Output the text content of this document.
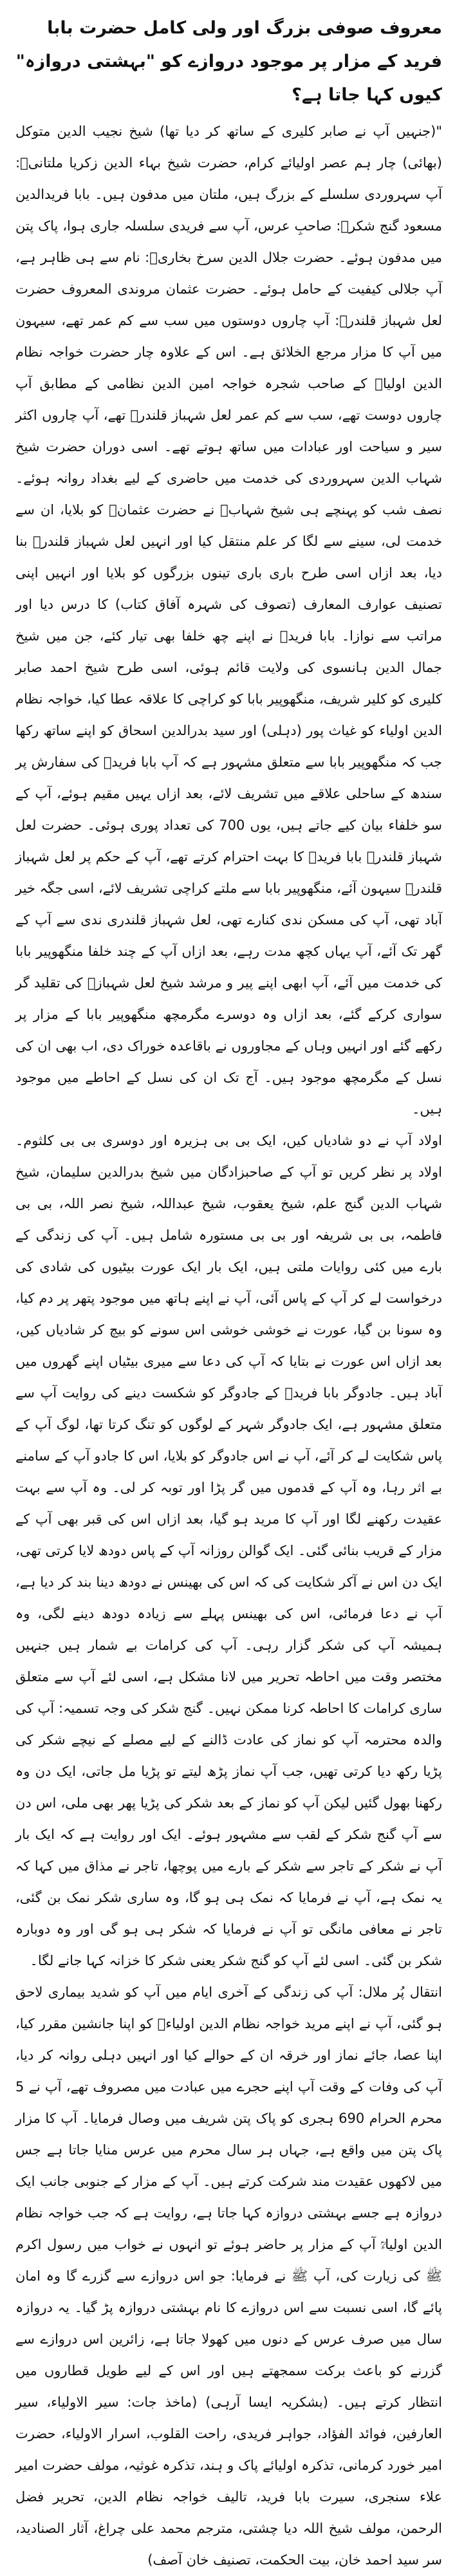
معروف صوفی بزرگ اور ولی کامل حضرت بابا فرید کے مزار پر موجود دروازے کو "بہشتی دروازہ" کیوں کہا جاتا ہے؟

"(جنہیں آپ نے صابر کلیری کے ساتھ کر دیا تھا) شیخ نجیب الدین متوکل (بھائی) چار ہم عصر اولیائے کرام، حضرت شیخ بہاء الدین زکریا ملتانیؒ: آپ سہروردی سلسلے کے بزرگ ہیں، ملتان میں مدفون ہیں۔ بابا فریدالدین مسعود گنج شکرؒ: صاحبِ عرس، آپ سے فریدی سلسلہ جاری ہوا، پاک پتن میں مدفون ہوئے۔ حضرت جلال الدین سرخ بخاریؒ: نام سے ہی ظاہر ہے، آپ جلالی کیفیت کے حامل ہوئے۔ حضرت عثمان مروندی المعروف حضرت لعل شہباز قلندرؒ: آپ چاروں دوستوں میں سب سے کم عمر تھے، سیہون میں آپ کا مزار مرجع الخلائق ہے۔ اس کے علاوہ چار حضرت خواجہ نظام الدین اولیاؒ کے صاحب شجرہ خواجہ امین الدین نظامی کے مطابق آپ چاروں دوست تھے، سب سے کم عمر لعل شہباز قلندرؒ تھے، آپ چاروں اکثر سیر و سیاحت اور عبادات میں ساتھ ہوتے تھے۔ اسی دوران حضرت شیخ شہاب الدین سہروردی کی خدمت میں حاضری کے لیے بغداد روانہ ہوئے۔ نصف شب کو پہنچے ہی شیخ شہابؒ نے حضرت عثمانؒ کو بلایا، ان سے خدمت لی، سینے سے لگا کر علم منتقل کیا اور انہیں لعل شہباز قلندرؒ بنا دیا، بعد ازاں اسی طرح باری باری تینوں بزرگوں کو بلایا اور انہیں اپنی تصنیف عوارف المعارف (تصوف کی شہرہ آفاق کتاب) کا درس دیا اور مراتب سے نوازا۔ بابا فریدؒ نے اپنے چھ خلفا بھی تیار کئے، جن میں شیخ جمال الدین ہانسوی کی ولایت قائم ہوئی، اسی طرح شیخ احمد صابر کلیری کو کلیر شریف، منگھوپیر بابا کو کراچی کا علاقہ عطا کیا، خواجہ نظام الدین اولیاء کو غیاث پور (دہلی) اور سید بدرالدین اسحاق کو اپنے ساتھ رکھا جب کہ منگھوپیر بابا سے متعلق مشہور ہے کہ آپ بابا فریدؒ کی سفارش پر سندھ کے ساحلی علاقے میں تشریف لائے، بعد ازاں یہیں مقیم ہوئے، آپ کے سو خلفاء بیان کیے جاتے ہیں، یوں 700 کی تعداد پوری ہوئی۔ حضرت لعل شہباز قلندرؒ بابا فریدؒ کا بہت احترام کرتے تھے، آپ کے حکم پر لعل شہباز قلندرؒ سیہون آئے، منگھوپیر بابا سے ملتے کراچی تشریف لائے، اسی جگہ خیر آباد تھی، آپ کی مسکن ندی کنارے تھی، لعل شہباز قلندری ندی سے آپ کے گھر تک آئے، آپ یہاں کچھ مدت رہے، بعد ازاں آپ کے چند خلفا منگھوپیر بابا کی خدمت میں آئے، آپ ابھی اپنے پیر و مرشد شیخ لعل شہبازؒ کی تقلید گر سواری کرکے گئے، بعد ازاں وہ دوسرے مگرمچھ منگھوپیر بابا کے مزار پر رکھے گئے اور انہیں وہاں کے مجاوروں نے باقاعدہ خوراک دی، اب بھی ان کی نسل کے مگرمچھ موجود ہیں۔ آج تک ان کی نسل کے احاطے میں موجود ہیں۔

اولاد آپ نے دو شادیاں کیں، ایک بی بی ہزیرہ اور دوسری بی بی کلثوم۔ اولاد پر نظر کریں تو آپ کے صاحبزادگان میں شیخ بدرالدین سلیمان، شیخ شہاب الدین گنج علم، شیخ یعقوب، شیخ عبداللہ، شیخ نصر اللہ، بی بی فاطمہ، بی بی شریفہ اور بی بی مستورہ شامل ہیں۔ آپ کی زندگی کے بارے میں کئی روایات ملتی ہیں، ایک بار ایک عورت بیٹیوں کی شادی کی درخواست لے کر آپ کے پاس آئی، آپ نے اپنے ہاتھ میں موجود پتھر پر دم کیا، وہ سونا بن گیا، عورت نے خوشی خوشی اس سونے کو بیچ کر شادیاں کیں، بعد ازاں اس عورت نے بتایا کہ آپ کی دعا سے میری بیٹیاں اپنے گھروں میں آباد ہیں۔ جادوگر بابا فریدؒ کے جادوگر کو شکست دینے کی روایت آپ سے متعلق مشہور ہے، ایک جادوگر شہر کے لوگوں کو تنگ کرتا تھا، لوگ آپ کے پاس شکایت لے کر آئے، آپ نے اس جادوگر کو بلایا، اس کا جادو آپ کے سامنے بے اثر رہا، وہ آپ کے قدموں میں گر پڑا اور توبہ کر لی۔ وہ آپ سے بہت عقیدت رکھنے لگا اور آپ کا مرید ہو گیا، بعد ازاں اس کی قبر بھی آپ کے مزار کے قریب بنائی گئی۔ ایک گوالن روزانہ آپ کے پاس دودھ لایا کرتی تھی، ایک دن اس نے آکر شکایت کی کہ اس کی بھینس نے دودھ دینا بند کر دیا ہے، آپ نے دعا فرمائی، اس کی بھینس پہلے سے زیادہ دودھ دینے لگی، وہ ہمیشہ آپ کی شکر گزار رہی۔ آپ کی کرامات بے شمار ہیں جنہیں مختصر وقت میں احاطہ تحریر میں لانا مشکل ہے، اسی لئے آپ سے متعلق ساری کرامات کا احاطہ کرنا ممکن نہیں۔ گنج شکر کی وجہ تسمیہ: آپ کی والدہ محترمہ آپ کو نماز کی عادت ڈالنے کے لیے مصلے کے نیچے شکر کی پڑیا رکھ دیا کرتی تھیں، جب آپ نماز پڑھ لیتے تو پڑیا مل جاتی، ایک دن وہ رکھنا بھول گئیں لیکن آپ کو نماز کے بعد شکر کی پڑیا پھر بھی ملی، اس دن سے آپ گنج شکر کے لقب سے مشہور ہوئے۔ ایک اور روایت ہے کہ ایک بار آپ نے شکر کے تاجر سے شکر کے بارے میں پوچھا، تاجر نے مذاق میں کہا کہ یہ نمک ہے، آپ نے فرمایا کہ نمک ہی ہو گا، وہ ساری شکر نمک بن گئی، تاجر نے معافی مانگی تو آپ نے فرمایا کہ شکر ہی ہو گی اور وہ دوبارہ شکر بن گئی۔ اسی لئے آپ کو گنج شکر یعنی شکر کا خزانہ کہا جانے لگا۔

انتقال پُر ملال: آپ کی زندگی کے آخری ایام میں آپ کو شدید بیماری لاحق ہو گئی، آپ نے اپنے مرید خواجہ نظام الدین اولیاءؒ کو اپنا جانشین مقرر کیا، اپنا عصا، جائے نماز اور خرقہ ان کے حوالے کیا اور انہیں دہلی روانہ کر دیا، آپ کی وفات کے وقت آپ اپنے حجرے میں عبادت میں مصروف تھے، آپ نے 5 محرم الحرام 690 ہجری کو پاک پتن شریف میں وصال فرمایا۔ آپ کا مزار پاک پتن میں واقع ہے، جہاں ہر سال محرم میں عرس منایا جاتا ہے جس میں لاکھوں عقیدت مند شرکت کرتے ہیں۔ آپ کے مزار کے جنوبی جانب ایک دروازہ ہے جسے بہشتی دروازہ کہا جاتا ہے، روایت ہے کہ جب خواجہ نظام الدین اولیاءؒ آپ کے مزار پر حاضر ہوئے تو انہوں نے خواب میں رسول اکرم ﷺ کی زیارت کی، آپ ﷺ نے فرمایا: جو اس دروازے سے گزرے گا وہ امان پائے گا، اسی نسبت سے اس دروازے کا نام بہشتی دروازہ پڑ گیا۔ یہ دروازہ سال میں صرف عرس کے دنوں میں کھولا جاتا ہے، زائرین اس دروازے سے گزرنے کو باعث برکت سمجھتے ہیں اور اس کے لیے طویل قطاروں میں انتظار کرتے ہیں۔ (بشکریہ ایسا آرہی) (ماخذ جات: سیر الاولیاء، سیر العارفین، فوائد الفؤاد، جواہر فریدی، راحت القلوب، اسرار الاولیاء، حضرت امیر خورد کرمانی، تذکرہ اولیائے پاک و ہند، تذکرہ غوثیہ، مولف حضرت امیر علاء سنجری، سیرت بابا فرید، تالیف خواجہ نظام الدین، تحریر فضل الرحمن، مولف شیخ اللہ دیا چشتی، مترجم محمد علی چراغ، آثار الصنادید، سر سید احمد خان، بیت الحکمت، تصنیف خان آصف)
